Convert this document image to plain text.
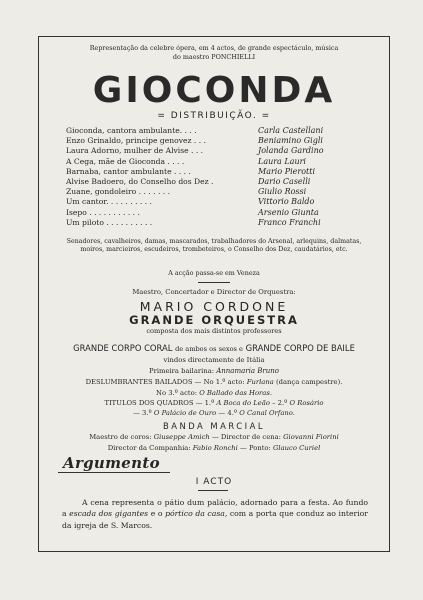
Representação da celebre ópera, em 4 actos, de grande espectáculo, música
do maestro PONCHIELLI
GIOCONDA
= DISTRIBUIÇÃO. =
Gioconda, cantora ambulante. . . .	Carla Castellani
Enzo Grinaldo, principe genovez . . .	Beniamino Gigli
Laura Adorno, mulher de Alvise . . .	Jolanda Gardino
A Cega, mãe de Gioconda . . . .	Laura Lauri
Barnaba, cantor ambulante . . . .	Mario Pierotti
Alvise Badoero, do Conselho dos Dez .	Dario Caselli
Zuane, gondoleiro . . . . . . .	Giulio Rossi
Um cantor. . . . . . . . . .	Vittorio Baldo
Isepo . . . . . . . . . . .	Arsenio Giunta
Um piloto . . . . . . . . . .	Franco Franchi
Senadores, cavalheiros, damas, mascarados, trabalhadores do Arsenal, arlequins, dalmatas, moiros, marcieiros, escudeiros, trombeteiros, o Conselho dos Dez, caudatários, etc.
A acção passa-se em Venezа
Maestro, Concertador e Director de Orquestra:
MARIO CORDONE
GRANDE ORQUESTRA
composta dos mais distintos professores
GRANDE CORPO CORAL de ambos os sexos e GRANDE CORPO DE BAILE
vindos directamente de Itália
Primeira bailarina: Annamaria Bruno
DESLUMBRANTES BAILADOS — No 1.º acto: Furlana (dança campestre).
No 3.º acto: O Ballado das Horas.
TITULOS DOS QUADROS — 1.º A Boca do Leão – 2.º O Rosário
— 3.º O Palácio de Ouro — 4.º O Canal Orfano.
BANDA MARCIAL
Maestro de coros: Giuseppe Amich — Director de cena: Giovanni Fiorini
Director da Companhia: Fabio Ronchi — Ponto: Glauco Curiel
Argumento
I ACTO
A cena representa o pátio dum palácio, adornado para a festa. Ao fundo a escada dos gigantes e o pórtico da casa, com a porta que conduz ao interior da igreja de S. Marcos.
